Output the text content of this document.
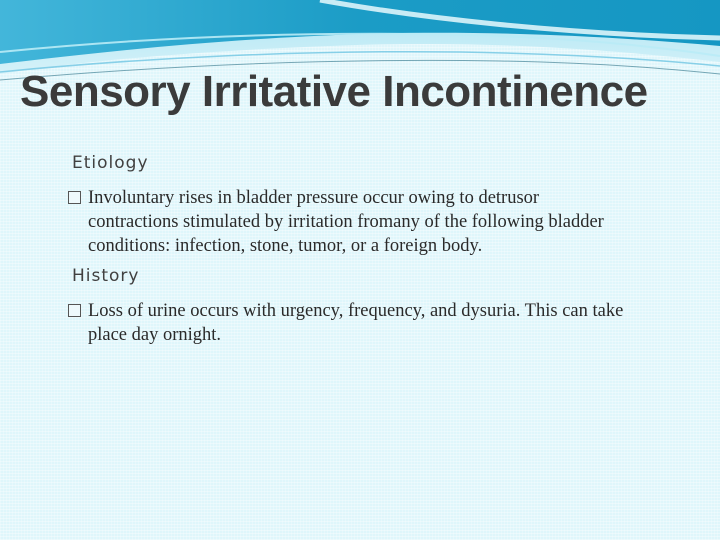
Sensory Irritative Incontinence
Etiology
Involuntary rises in bladder pressure occur owing to detrusor contractions stimulated by irritation fromany of the following bladder conditions: infection, stone, tumor, or a foreign body.
History
Loss of urine occurs with urgency, frequency, and dysuria. This can take place day ornight.
